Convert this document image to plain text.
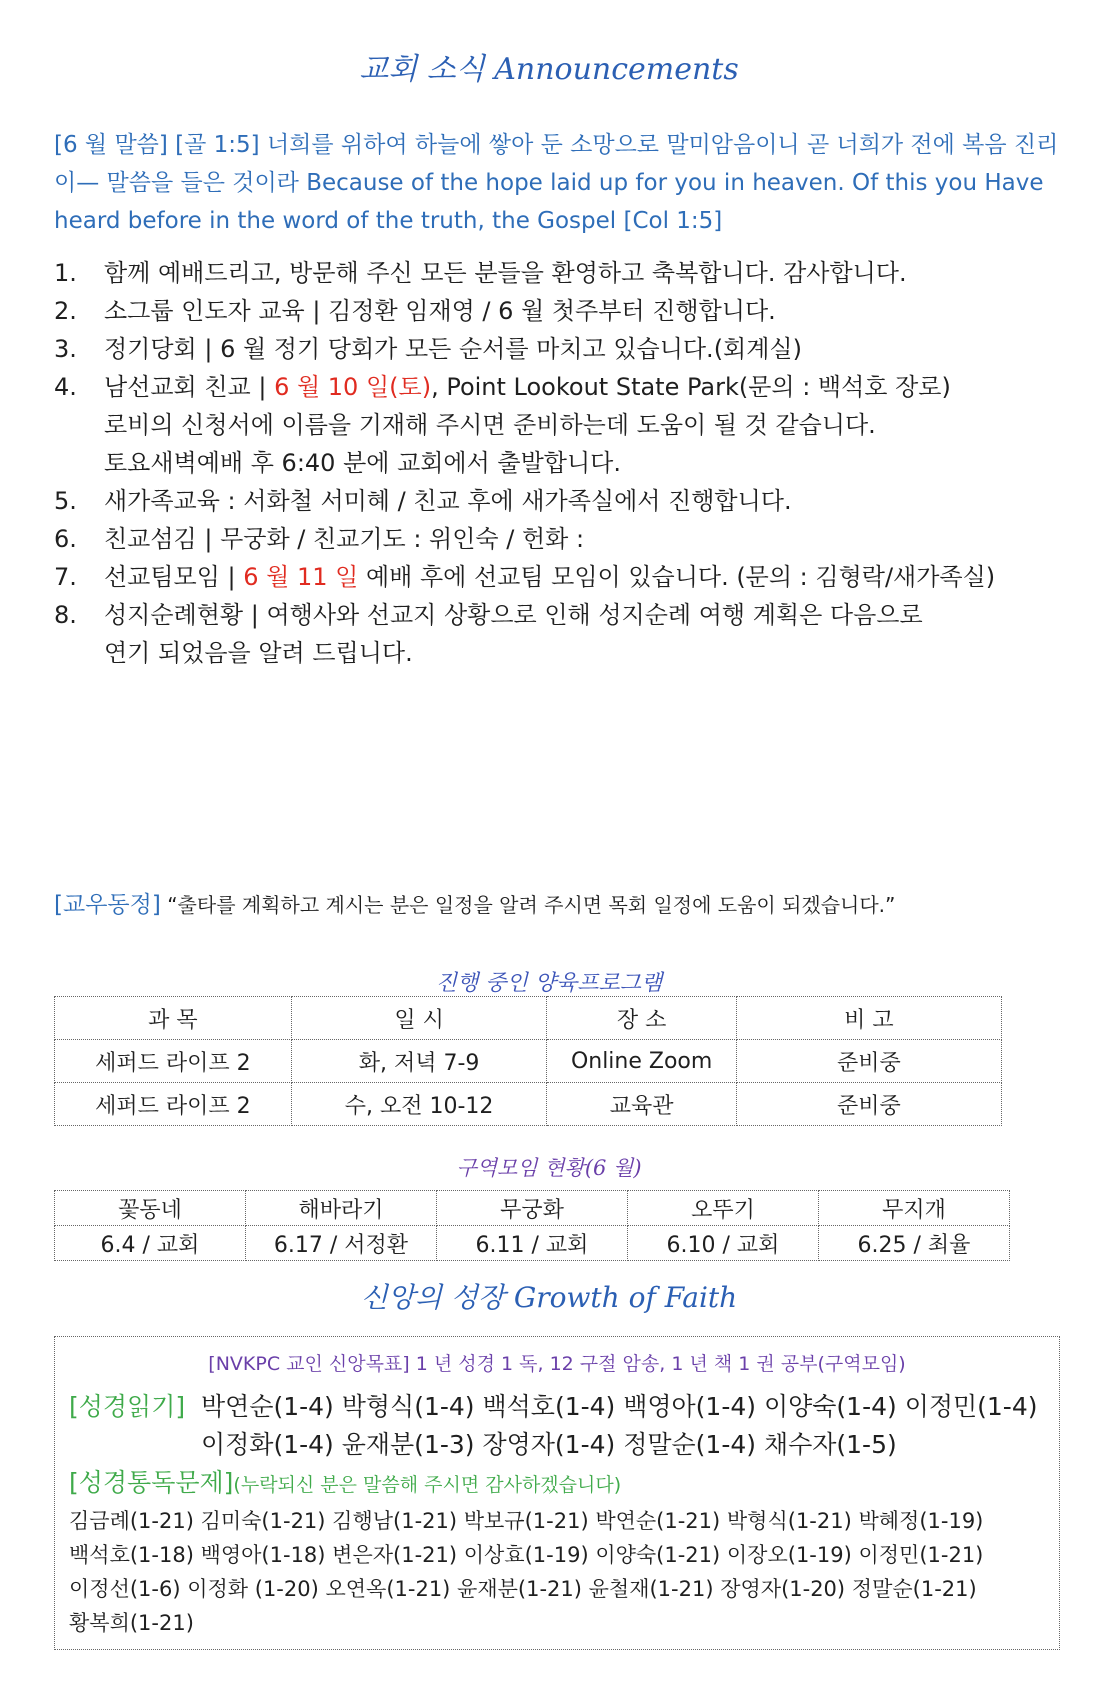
교회 소식 Announcements
[6 월 말씀] [골 1:5] 너희를 위하여 하늘에 쌓아 둔 소망으로 말미암음이니 곧 너희가 전에 복음 진리이— 말씀을 들은 것이라 Because of the hope laid up for you in heaven. Of this you Have heard before in the word of the truth, the Gospel [Col 1:5]
1.	함께 예배드리고, 방문해 주신 모든 분들을 환영하고 축복합니다. 감사합니다.
2.	소그룹 인도자 교육 | 김정환 임재영 / 6 월 첫주부터 진행합니다.
3.	정기당회 | 6 월 정기 당회가 모든 순서를 마치고 있습니다.(회계실)
4.	남선교회 친교 | 6 월 10 일(토), Point Lookout State Park(문의 : 백석호 장로)
로비의 신청서에 이름을 기재해 주시면 준비하는데 도움이 될 것 같습니다.
토요새벽예배 후 6:40 분에 교회에서 출발합니다.
5.	새가족교육 : 서화철 서미혜 / 친교 후에 새가족실에서 진행합니다.
6.	친교섬김 | 무궁화 / 친교기도 : 위인숙 / 헌화 :
7.	선교팀모임 | 6 월 11 일 예배 후에 선교팀 모임이 있습니다. (문의 : 김형락/새가족실)
8.	성지순례현황 | 여행사와 선교지 상황으로 인해 성지순례 여행 계획은 다음으로
연기 되었음을 알려 드립니다.
[교우동정] “출타를 계획하고 계시는 분은 일정을 알려 주시면 목회 일정에 도움이 되겠습니다.”
진행 중인 양육프로그램
과 목	일 시	장 소	비 고
세퍼드 라이프 2	화, 저녁 7-9	Online Zoom	준비중
세퍼드 라이프 2	수, 오전 10-12	교육관	준비중
구역모임 현황(6 월)
꽃동네	해바라기	무궁화	오뚜기	무지개
6.4 / 교회	6.17 / 서정환	6.11 / 교회	6.10 / 교회	6.25 / 최율
신앙의 성장 Growth of Faith
[NVKPC 교인 신앙목표] 1 년 성경 1 독, 12 구절 암송, 1 년 책 1 권 공부(구역모임)
[성경읽기] 박연순(1-4) 박형식(1-4) 백석호(1-4) 백영아(1-4) 이양숙(1-4) 이정민(1-4)
이정화(1-4) 윤재분(1-3) 장영자(1-4) 정말순(1-4) 채수자(1-5)
[성경통독문제](누락되신 분은 말씀해 주시면 감사하겠습니다)
김금례(1-21) 김미숙(1-21) 김행남(1-21) 박보규(1-21) 박연순(1-21) 박형식(1-21) 박혜정(1-19)
백석호(1-18) 백영아(1-18) 변은자(1-21) 이상효(1-19) 이양숙(1-21) 이장오(1-19) 이정민(1-21)
이정선(1-6) 이정화 (1-20) 오연옥(1-21) 윤재분(1-21) 윤철재(1-21) 장영자(1-20) 정말순(1-21)
황복희(1-21)
